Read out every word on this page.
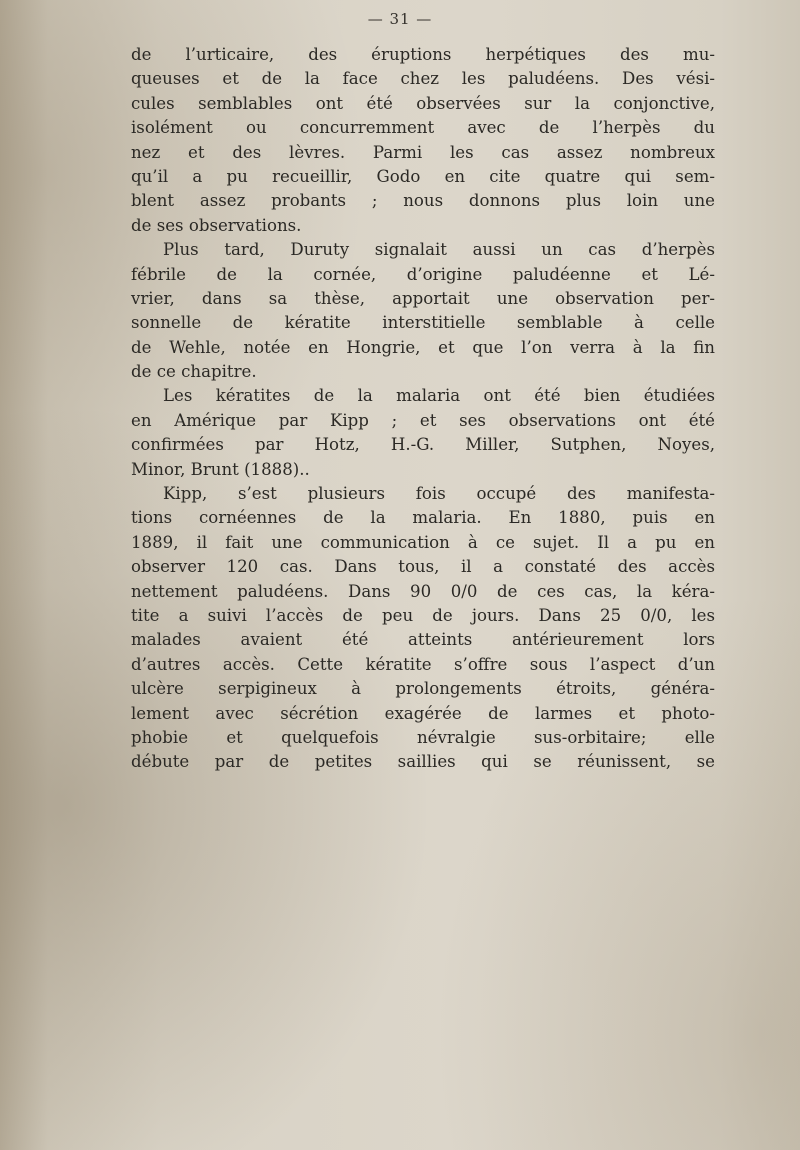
— 31 —
de l’urticaire, des éruptions herpétiques des mu-
queuses et de la face chez les paludéens. Des vési-
cules semblables ont été observées sur la conjonctive,
isolément ou concurremment avec de l’herpès du
nez et des lèvres. Parmi les cas assez nombreux
qu’il a pu recueillir, Godo en cite quatre qui sem-
blent assez probants ; nous donnons plus loin une
de ses observations.
Plus tard, Duruty signalait aussi un cas d’herpès
fébrile de la cornée, d’origine paludéenne et Lé-
vrier, dans sa thèse, apportait une observation per-
sonnelle de kératite interstitielle semblable à celle
de Wehle, notée en Hongrie, et que l’on verra à la fin
de ce chapitre.
Les kératites de la malaria ont été bien étudiées
en Amérique par Kipp ; et ses observations ont été
confirmées par Hotz, H.-G. Miller, Sutphen, Noyes,
Minor, Brunt (1888)..
Kipp, s’est plusieurs fois occupé des manifesta-
tions cornéennes de la malaria. En 1880, puis en
1889, il fait une communication à ce sujet. Il a pu en
observer 120 cas. Dans tous, il a constaté des accès
nettement paludéens. Dans 90 0/0 de ces cas, la kéra-
tite a suivi l’accès de peu de jours. Dans 25 0/0, les
malades avaient été atteints antérieurement lors
d’autres accès. Cette kératite s’offre sous l’aspect d’un
ulcère serpigineux à prolongements étroits, généra-
lement avec sécrétion exagérée de larmes et photo-
phobie et quelquefois névralgie sus-orbitaire; elle
débute par de petites saillies qui se réunissent, se
